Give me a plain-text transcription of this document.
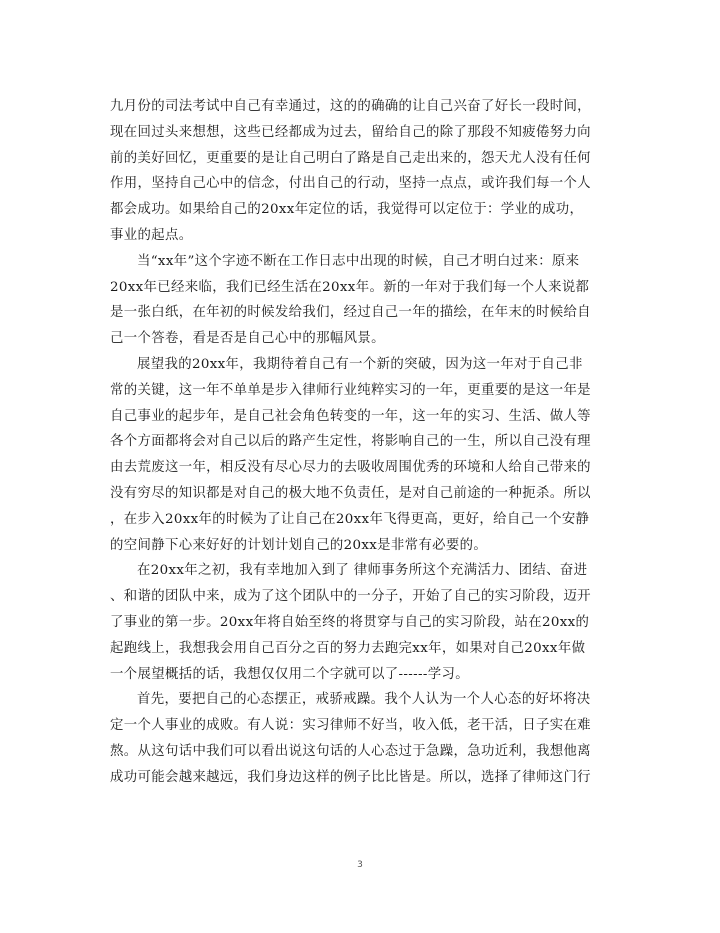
九月份的司法考试中自己有幸通过，这的的确确的让自己兴奋了好长一段时间，
现在回过头来想想，这些已经都成为过去，留给自己的除了那段不知疲倦努力向
前的美好回忆，更重要的是让自己明白了路是自己走出来的，怨天尤人没有任何
作用，坚持自己心中的信念，付出自己的行动，坚持一点点，或许我们每一个人
都会成功。如果给自己的20xx年定位的话，我觉得可以定位于：学业的成功，
事业的起点。
当“xx年”这个字迹不断在工作日志中出现的时候，自己才明白过来：原来
20xx年已经来临，我们已经生活在20xx年。新的一年对于我们每一个人来说都
是一张白纸，在年初的时候发给我们，经过自己一年的描绘，在年末的时候给自
己一个答卷，看是否是自己心中的那幅风景。
展望我的20xx年，我期待着自己有一个新的突破，因为这一年对于自己非
常的关键，这一年不单单是步入律师行业纯粹实习的一年，更重要的是这一年是
自己事业的起步年，是自己社会角色转变的一年，这一年的实习、生活、做人等
各个方面都将会对自己以后的路产生定性，将影响自己的一生，所以自己没有理
由去荒废这一年，相反没有尽心尽力的去吸收周围优秀的环境和人给自己带来的
没有穷尽的知识都是对自己的极大地不负责任，是对自己前途的一种扼杀。所以
，在步入20xx年的时候为了让自己在20xx年飞得更高，更好，给自己一个安静
的空间静下心来好好的计划计划自己的20xx是非常有必要的。
在20xx年之初，我有幸地加入到了 律师事务所这个充满活力、团结、奋进
、和谐的团队中来，成为了这个团队中的一分子，开始了自己的实习阶段，迈开
了事业的第一步。20xx年将自始至终的将贯穿与自己的实习阶段，站在20xx的
起跑线上，我想我会用自己百分之百的努力去跑完xx年，如果对自己20xx年做
一个展望概括的话，我想仅仅用二个字就可以了------学习。
首先，要把自己的心态摆正，戒骄戒躁。我个人认为一个人心态的好坏将决
定一个人事业的成败。有人说：实习律师不好当，收入低，老干活，日子实在难
熬。从这句话中我们可以看出说这句话的人心态过于急躁，急功近利，我想他离
成功可能会越来越远，我们身边这样的例子比比皆是。所以，选择了律师这门行
3
